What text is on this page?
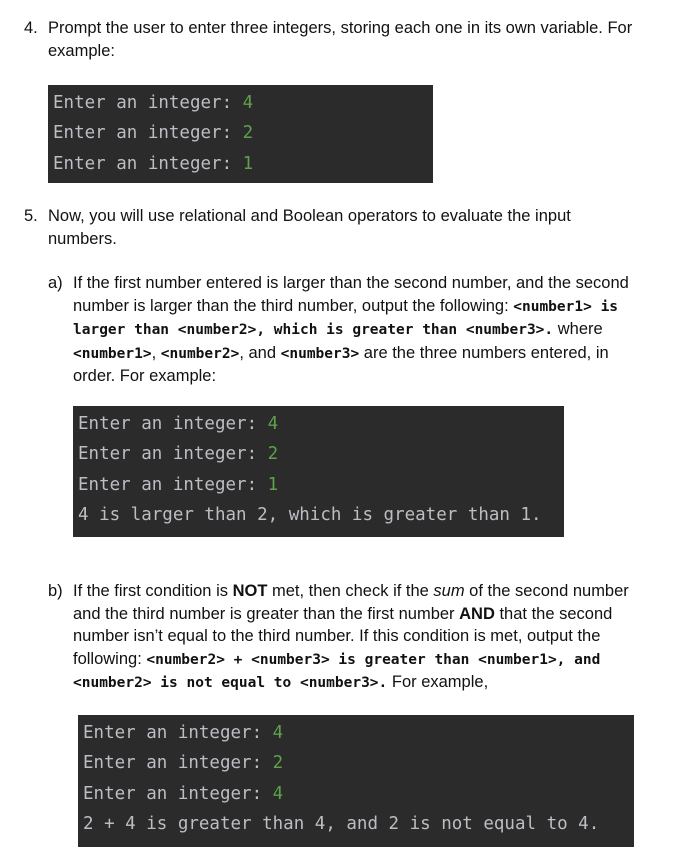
4. Prompt the user to enter three integers, storing each one in its own variable. For example:
Enter an integer: 4
Enter an integer: 2
Enter an integer: 1
5. Now, you will use relational and Boolean operators to evaluate the input numbers.
a) If the first number entered is larger than the second number, and the second number is larger than the third number, output the following: <number1> is larger than <number2>, which is greater than <number3>. where <number1>, <number2>, and <number3> are the three numbers entered, in order. For example:
Enter an integer: 4
Enter an integer: 2
Enter an integer: 1
4 is larger than 2, which is greater than 1.
b) If the first condition is NOT met, then check if the sum of the second number and the third number is greater than the first number AND that the second number isn’t equal to the third number. If this condition is met, output the following: <number2> + <number3> is greater than <number1>, and <number2> is not equal to <number3>. For example,
Enter an integer: 4
Enter an integer: 2
Enter an integer: 4
2 + 4 is greater than 4, and 2 is not equal to 4.
